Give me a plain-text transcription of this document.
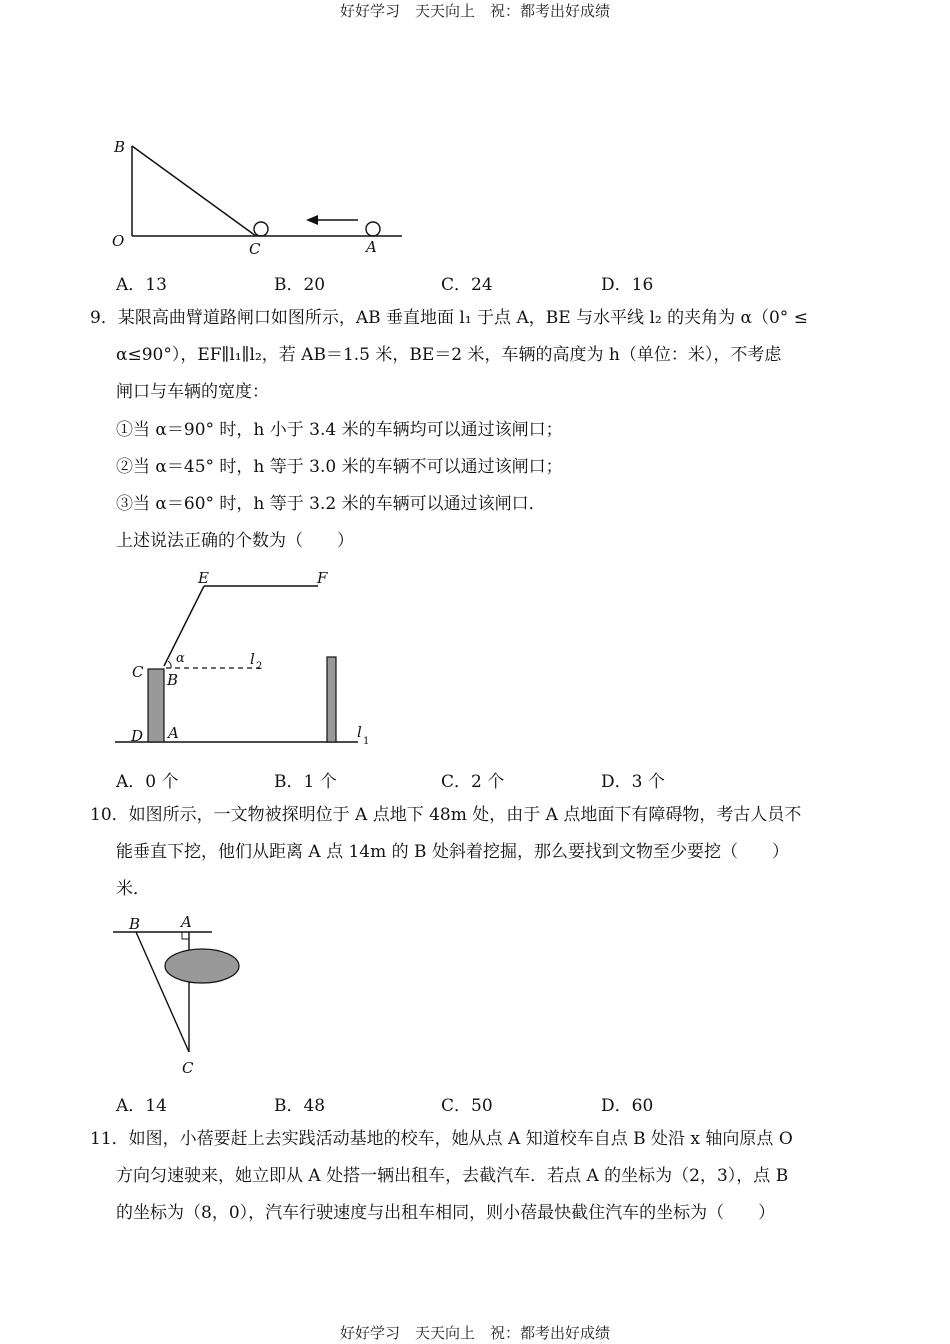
好好学习　天天向上　祝：都考出好成绩
B
O	C	A
A．13	B．20	C．24	D．16
9．某限高曲臂道路闸口如图所示，AB 垂直地面 l₁ 于点 A，BE 与水平线 l₂ 的夹角为 α（0° ≤
α≤90°），EF∥l₁∥l₂，若 AB＝1.5 米，BE＝2 米，车辆的高度为 h（单位：米），不考虑
闸口与车辆的宽度：
①当 α＝90° 时，h 小于 3.4 米的车辆均可以通过该闸口；
②当 α＝45° 时，h 等于 3.0 米的车辆不可以通过该闸口；
③当 α＝60° 时，h 等于 3.2 米的车辆可以通过该闸口．
上述说法正确的个数为（　　）
E	F
C B
α	l 2
D A	l
1
A．0 个	B．1 个	C．2 个	D．3 个
10．如图所示，一文物被探明位于 A 点地下 48m 处，由于 A 点地面下有障碍物，考古人员不
能垂直下挖，他们从距离 A 点 14m 的 B 处斜着挖掘，那么要找到文物至少要挖（　　）
米．
B	A
C
A．14	B．48	C．50	D．60
11．如图，小蓓要赶上去实践活动基地的校车，她从点 A 知道校车自点 B 处沿 x 轴向原点 O
方向匀速驶来，她立即从 A 处搭一辆出租车，去截汽车．若点 A 的坐标为（2，3），点 B
的坐标为（8，0），汽车行驶速度与出租车相同，则小蓓最快截住汽车的坐标为（　　）
好好学习　天天向上　祝：都考出好成绩
